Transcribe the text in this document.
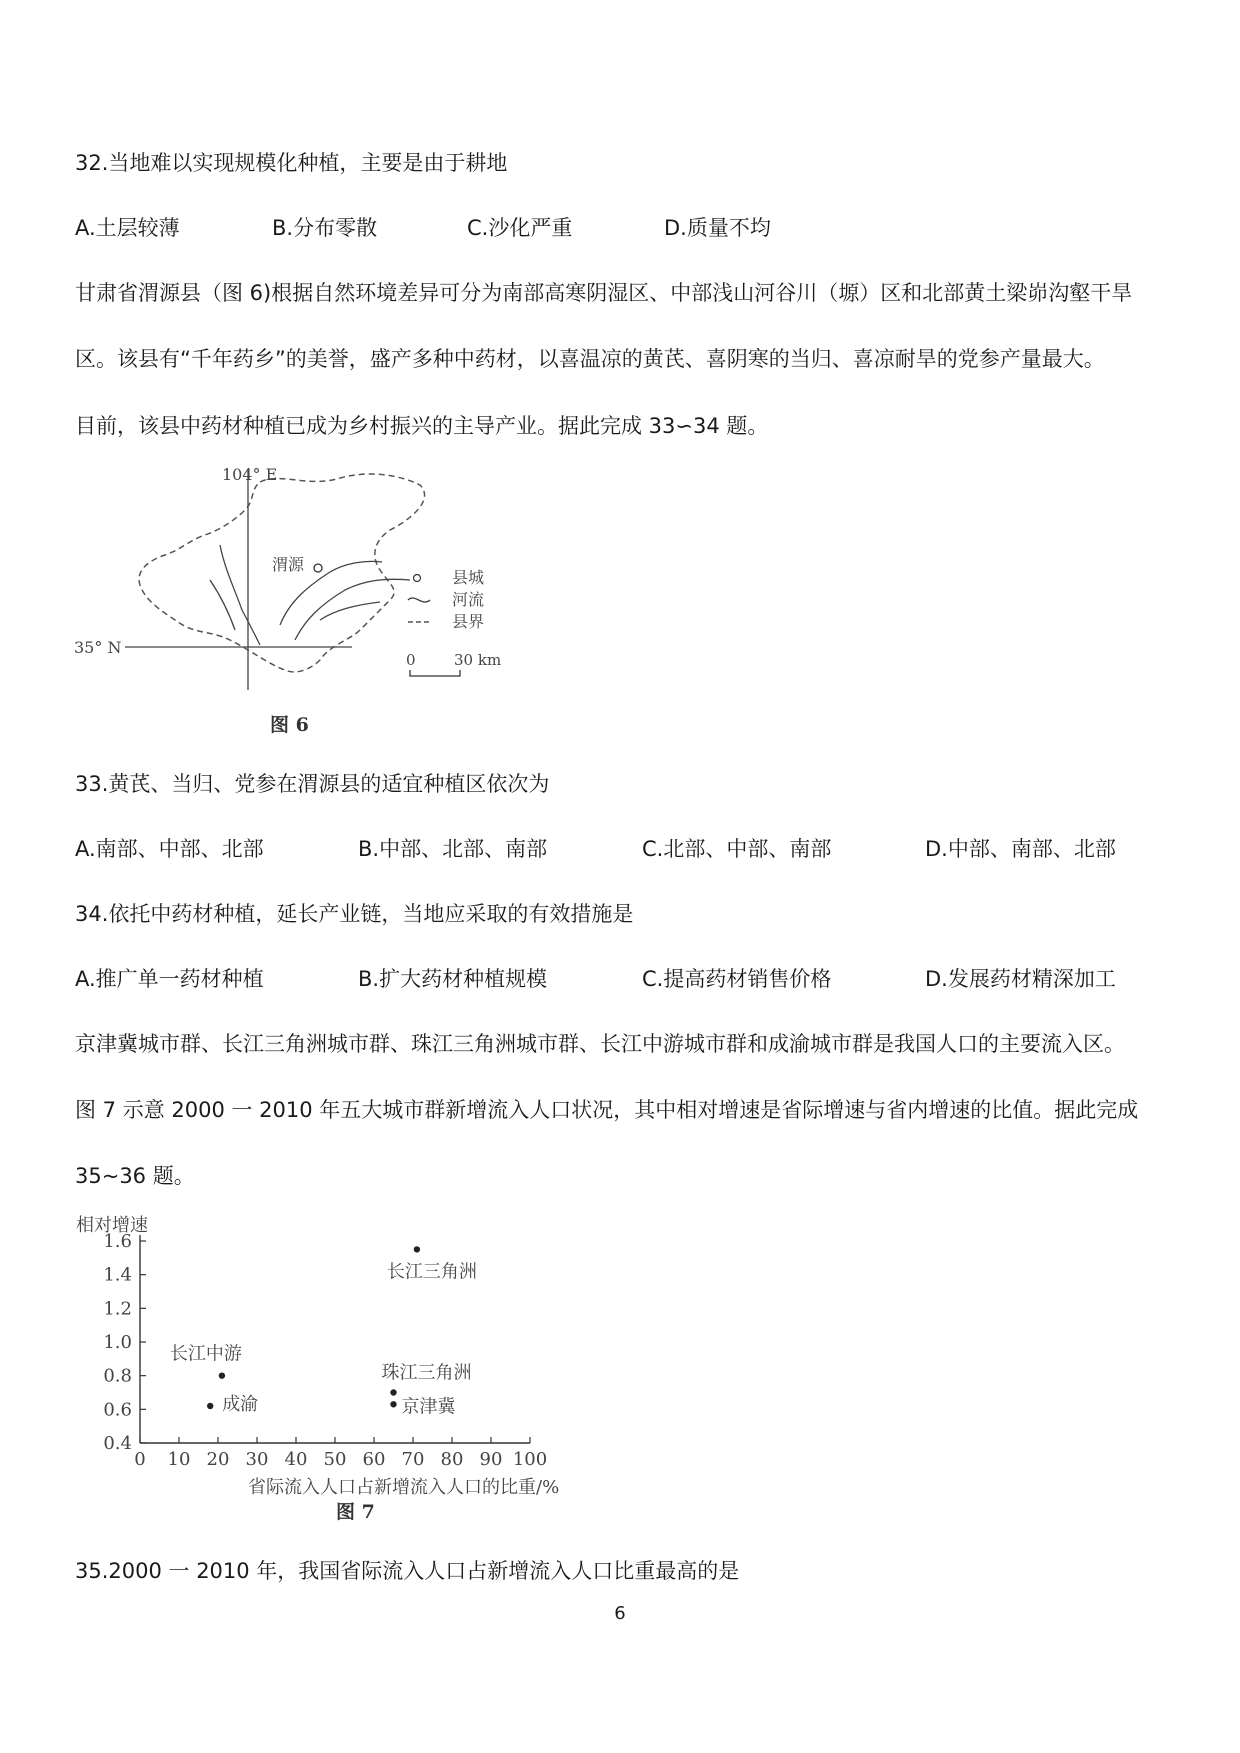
32.当地难以实现规模化种植，主要是由于耕地
A.土层较薄	B.分布零散	C.沙化严重	D.质量不均
甘肃省渭源县（图 6)根据自然环境差异可分为南部高寒阴湿区、中部浅山河谷川（塬）区和北部黄土梁峁沟壑干旱
区。该县有“千年药乡”的美誉，盛产多种中药材，以喜温凉的黄芪、喜阴寒的当归、喜凉耐旱的党参产量最大。
目前，该县中药材种植已成为乡村振兴的主导产业。据此完成 33∽34 题。
渭源
104° E
35° N
县城
河流
县界
0	30 km
图 6
33.黄芪、当归、党参在渭源县的适宜种植区依次为
A.南部、中部、北部	B.中部、北部、南部	C.北部、中部、南部	D.中部、南部、北部
34.依托中药材种植，延长产业链，当地应采取的有效措施是
A.推广单一药材种植	B.扩大药材种植规模	C.提高药材销售价格	D.发展药材精深加工
京津冀城市群、长江三角洲城市群、珠江三角洲城市群、长江中游城市群和成渝城市群是我国人口的主要流入区。
图 7 示意 2000 一 2010 年五大城市群新增流入人口状况，其中相对增速是省际增速与省内增速的比值。据此完成
35~36 题。
相对增速
0.4
0.6
0.8
1.0
1.2
1.4
1.6
0 10 20 30 40 50 60 70 80 90 100
长江三角洲
长江中游
成渝
珠江三角洲
京津冀
省际流入人口占新增流入人口的比重/%
图 7
35.2000 一 2010 年，我国省际流入人口占新增流入人口比重最高的是
6
